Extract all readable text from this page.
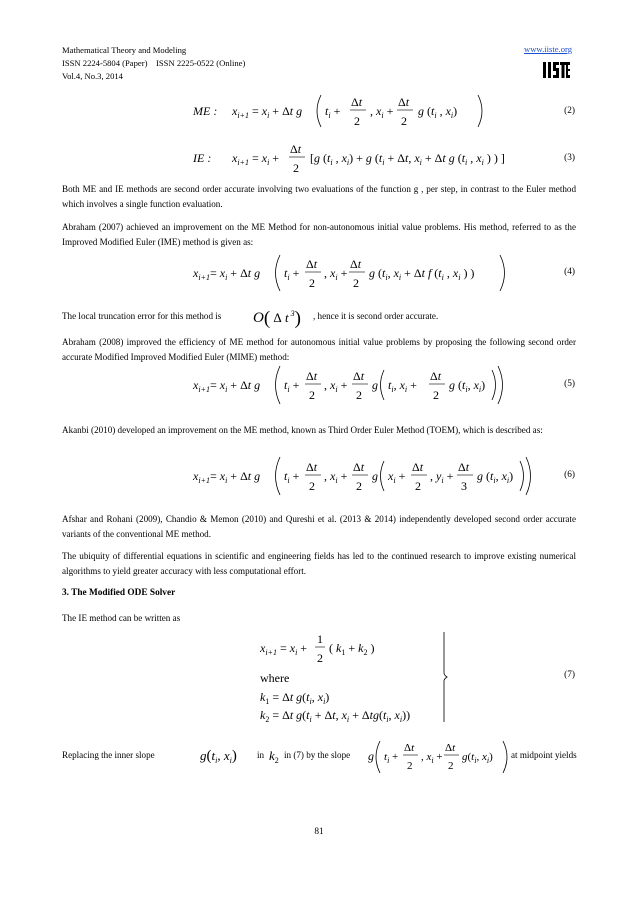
Mathematical Theory and Modeling
ISSN 2224-5804 (Paper)    ISSN 2225-0522 (Online)
Vol.4, No.3, 2014
www.iiste.org
ME : $x_{i+1} = x_i + \Delta t$ g $t_i$ +
Δt
2
, $x_i$ +
Δt
2
g ($t_i$ , $x_i$)	(2)
IE : $x_{i+1} = x_i$ +
Δt
2
[g ($t_i$ , $x_i) + g$ ($t_i + \Delta t$, $x_i + \Delta t$ g ($t_i$ , $x_i$ ) ) ]	(3)
Both ME and IE methods are second order accurate involving two evaluations of the function g , per step, in contrast to the Euler method which involves a single function evaluation.
Abraham (2007) achieved an improvement on the ME Method for non-autonomous initial value problems. His method, referred to as the Improved Modified Euler (IME) method is given as:
$x_{i+1}= x_i + \Delta t$ g $t_i$ +
Δt
2
, $x_i$ +
Δt
2
g ($t_i$, $x_i + \Delta t$ f ($t_i$ , $x_i$ ) )	(4)
The local truncation error for this method is O( Δ t $^3$) , hence it is second order accurate.
Abraham (2008) improved the efficiency of ME method for autonomous initial value problems by proposing the following second order accurate Modified Improved Modified Euler (MIME) method:
$x_{i+1}= x_i + \Delta t$ g $t_i$ +
Δt
2
, $x_i$ +
Δt
2
g $t_i$, $x_i$ +
Δt
2
g ($t_i$, $x_i$)	(5)
Akanbi (2010) developed an improvement on the ME method, known as Third Order Euler Method (TOEM), which is described as:
$x_{i+1}= x_i + \Delta t$ g $t_i$ +
Δt
2
, $x_i$ +
Δt
2
g $x_i$ +
Δt
2
, $y_i$ +
Δt
3
g ($t_i$, $x_i$)	(6)
Afshar and Rohani (2009), Chandio & Memon (2010) and Qureshi et al. (2013 & 2014) independently developed second order accurate variants of the conventional ME method.
The ubiquity of differential equations in scientific and engineering fields has led to the continued research to improve existing numerical algorithms to yield greater accuracy with less computational effort.
3. The Modified ODE Solver
The IE method can be written as
$x_{i+1} = x_i$ +
1
2
( $k_1 + k_2$ )
where
$k_1 = \Delta t$ $g(t_i$, $x_i$)
$k_2 = \Delta t$ $g(t_i + \Delta t$, $x_i + \Delta tg(t_i$, $x_i$))
(7)
Replacing the inner slope	$g(t_i$, $x_i$) $k_2$	g $t_i$ +
Δt
2
, $x_i$ +
Δt
2
$g(t_i$, $x_i$)
in in (7) by the slope	at midpoint yields
81
